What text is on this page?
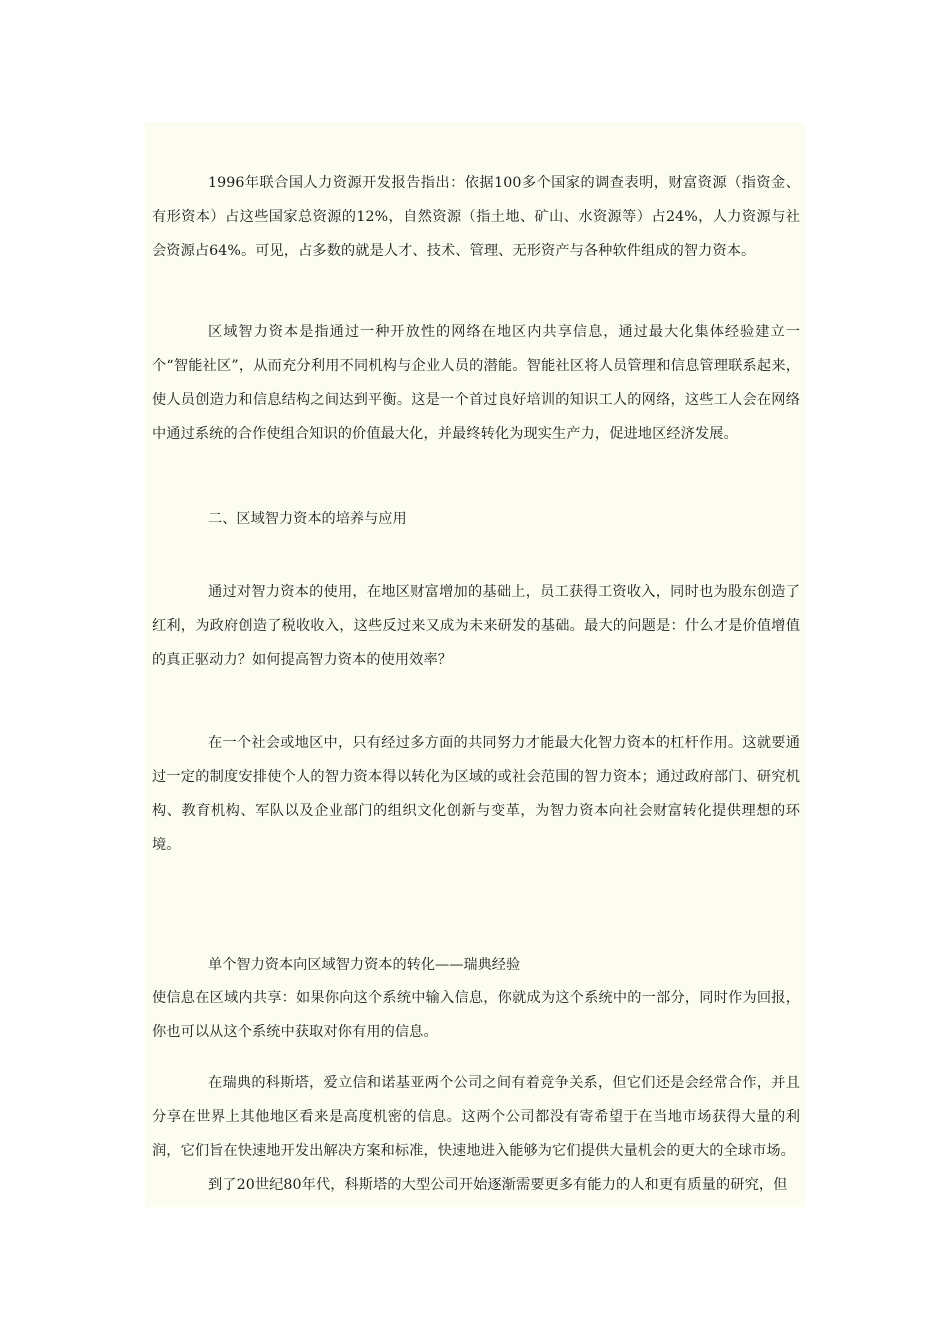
1996年联合国人力资源开发报告指出：依据100多个国家的调查表明，财富资源（指资金、有形资本）占这些国家总资源的12%，自然资源（指土地、矿山、水资源等）占24%，人力资源与社会资源占64%。可见，占多数的就是人才、技术、管理、无形资产与各种软件组成的智力资本。

区域智力资本是指通过一种开放性的网络在地区内共享信息，通过最大化集体经验建立一个“智能社区”，从而充分利用不同机构与企业人员的潜能。智能社区将人员管理和信息管理联系起来，使人员创造力和信息结构之间达到平衡。这是一个首过良好培训的知识工人的网络，这些工人会在网络中通过系统的合作使组合知识的价值最大化，并最终转化为现实生产力，促进地区经济发展。

二、区域智力资本的培养与应用

通过对智力资本的使用，在地区财富增加的基础上，员工获得工资收入，同时也为股东创造了红利，为政府创造了税收收入，这些反过来又成为未来研发的基础。最大的问题是：什么才是价值增值的真正驱动力？如何提高智力资本的使用效率？

在一个社会或地区中，只有经过多方面的共同努力才能最大化智力资本的杠杆作用。这就要通过一定的制度安排使个人的智力资本得以转化为区域的或社会范围的智力资本；通过政府部门、研究机构、教育机构、军队以及企业部门的组织文化创新与变革，为智力资本向社会财富转化提供理想的环境。

单个智力资本向区域智力资本的转化——瑞典经验

使信息在区域内共享：如果你向这个系统中输入信息，你就成为这个系统中的一部分，同时作为回报，你也可以从这个系统中获取对你有用的信息。

在瑞典的科斯塔，爱立信和诺基亚两个公司之间有着竞争关系，但它们还是会经常合作，并且分享在世界上其他地区看来是高度机密的信息。这两个公司都没有寄希望于在当地市场获得大量的利润，它们旨在快速地开发出解决方案和标准，快速地进入能够为它们提供大量机会的更大的全球市场。

到了20世纪80年代，科斯塔的大型公司开始逐渐需要更多有能力的人和更有质量的研究，但
